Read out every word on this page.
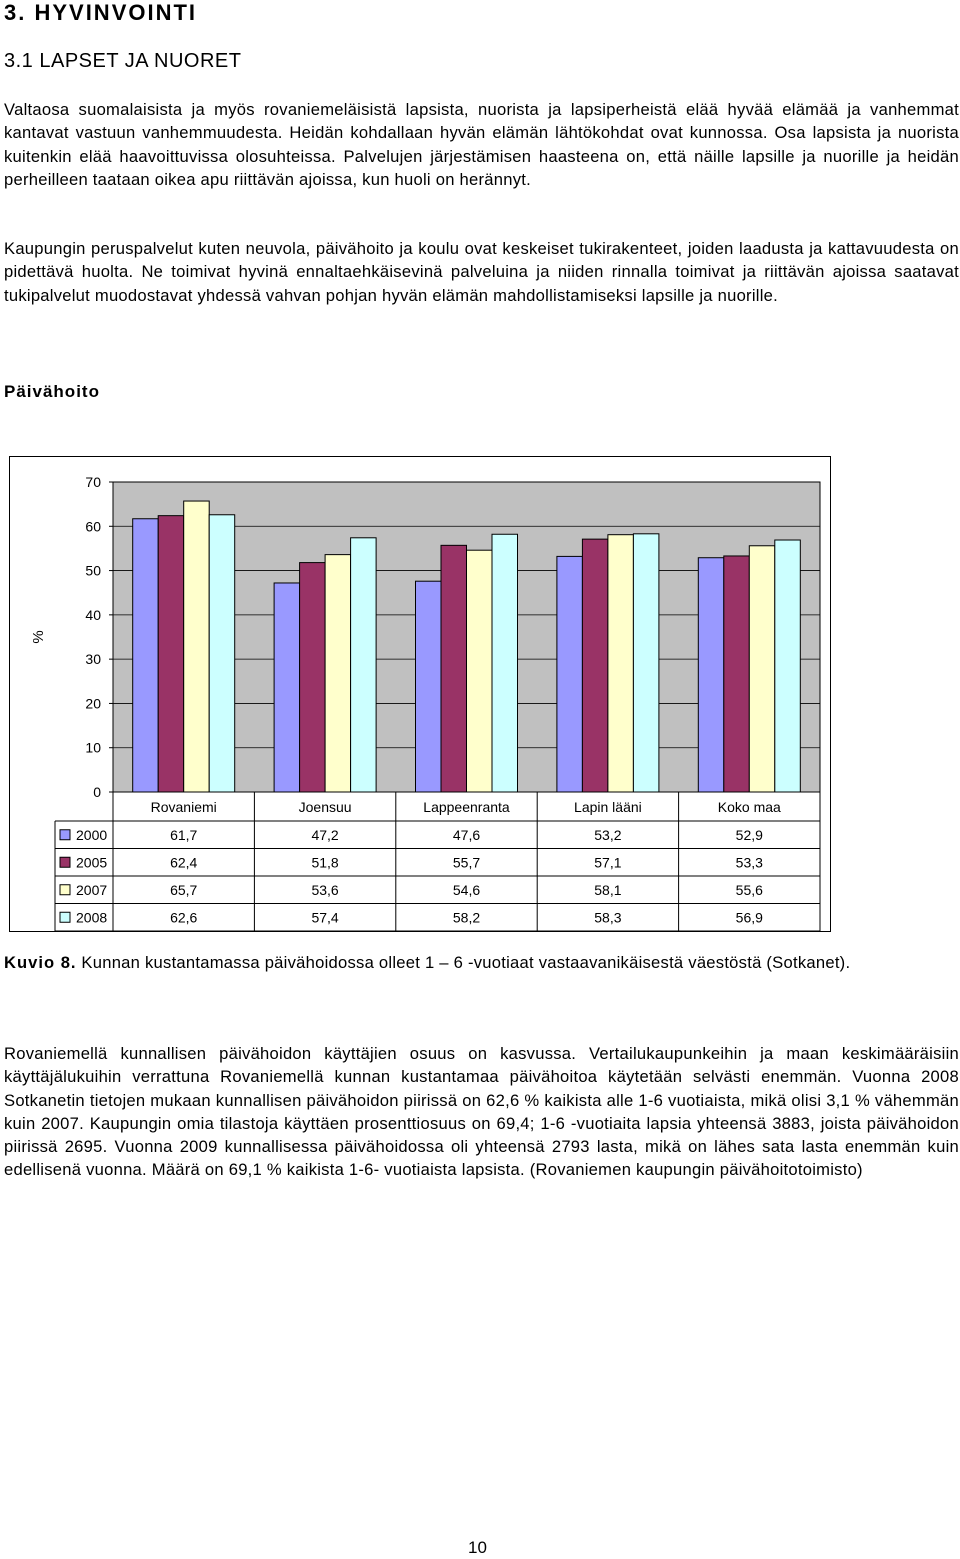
3. HYVINVOINTI
3.1 LAPSET JA NUORET

Valtaosa suomalaisista ja myös rovaniemeläisistä lapsista, nuorista ja lapsiperheistä elää hyvää elämää ja vanhemmat kantavat vastuun vanhemmuudesta. Heidän kohdallaan hyvän elämän lähtökohdat ovat kunnossa. Osa lapsista ja nuorista kuitenkin elää haavoittuvissa olosuhteissa. Palvelujen järjestämisen haasteena on, että näille lapsille ja nuorille ja heidän perheilleen taataan oikea apu riittävän ajoissa, kun huoli on herännyt.

Kaupungin peruspalvelut kuten neuvola, päivähoito ja koulu ovat keskeiset tukirakenteet, joiden laadusta ja kattavuudesta on pidettävä huolta. Ne toimivat hyvinä ennaltaehkäisevinä palveluina ja niiden rinnalla toimivat ja riittävän ajoissa saatavat tukipalvelut muodostavat yhdessä vahvan pohjan hyvän elämän mahdollistamiseksi lapsille ja nuorille.

Päivähoito
0
10
20
30
40
50
60
70
%
Rovaniemi	Joensuu	Lappeenranta	Lapin lääni	Koko maa
2000	61,7	47,2	47,6	53,2	52,9
2005	62,4	51,8	55,7	57,1	53,3
2007	65,7	53,6	54,6	58,1	55,6
2008	62,6	57,4	58,2	58,3	56,9

Kuvio 8. Kunnan kustantamassa päivähoidossa olleet 1 – 6 -vuotiaat vastaavanikäisestä väestöstä (Sotkanet).

Rovaniemellä kunnallisen päivähoidon käyttäjien osuus on kasvussa. Vertailukaupunkeihin ja maan keskimääräisiin käyttäjälukuihin verrattuna Rovaniemellä kunnan kustantamaa päivähoitoa käytetään selvästi enemmän. Vuonna 2008 Sotkanetin tietojen mukaan kunnallisen päivähoidon piirissä on 62,6 % kaikista alle 1-6 vuotiaista, mikä olisi 3,1 % vähemmän kuin 2007. Kaupungin omia tilastoja käyttäen prosenttiosuus on 69,4; 1-6 -vuotiaita lapsia yhteensä 3883, joista päivähoidon piirissä 2695. Vuonna 2009 kunnallisessa päivähoidossa oli yhteensä 2793 lasta, mikä on lähes sata lasta enemmän kuin edellisenä vuonna. Määrä on 69,1 % kaikista 1-6- vuotiaista lapsista. (Rovaniemen kaupungin päivähoitotoimisto)

10
